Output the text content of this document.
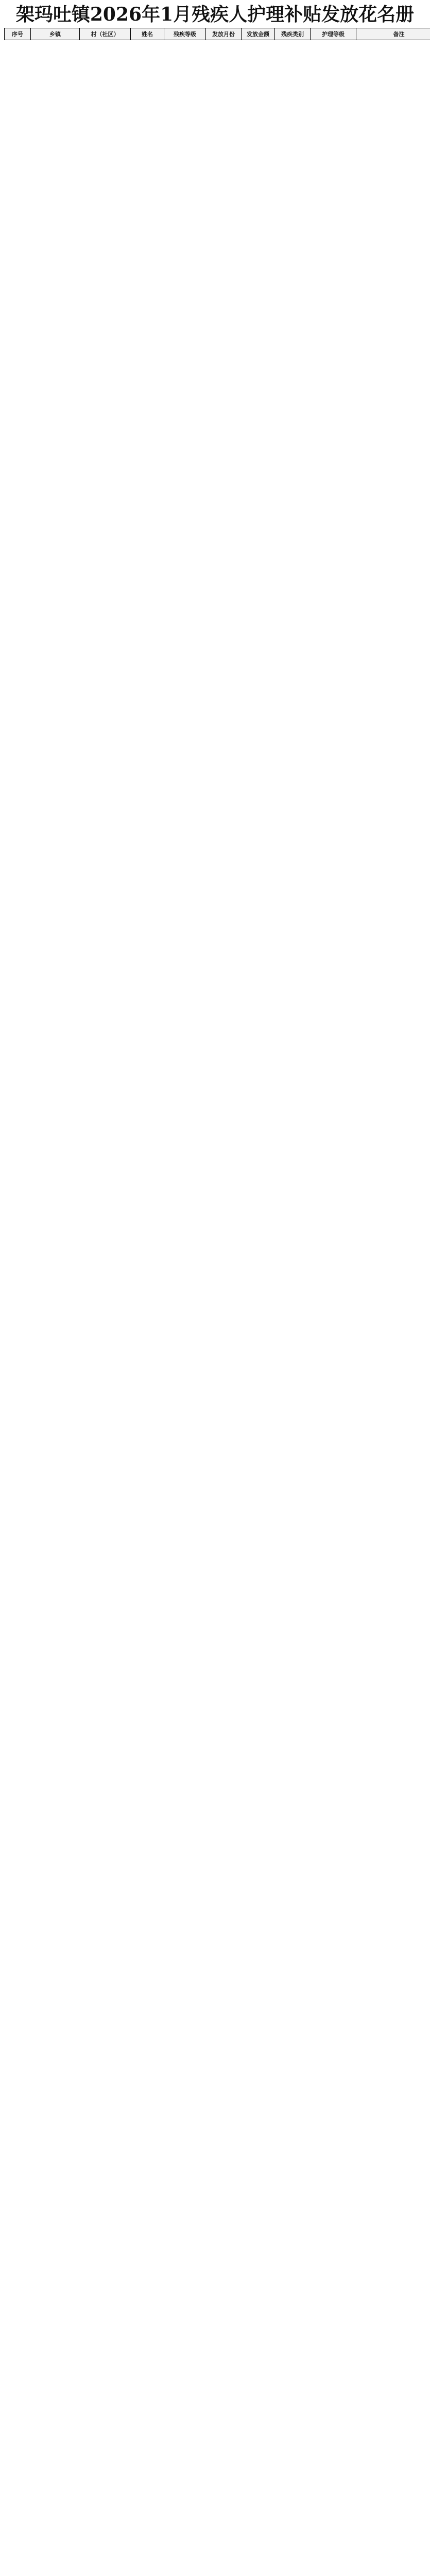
架玛吐镇2026年1月残疾人护理补贴发放花名册
序号	乡镇	村（社区）	姓名	残疾等级	发放月份	发放金额	残疾类别	护理等级	备注
